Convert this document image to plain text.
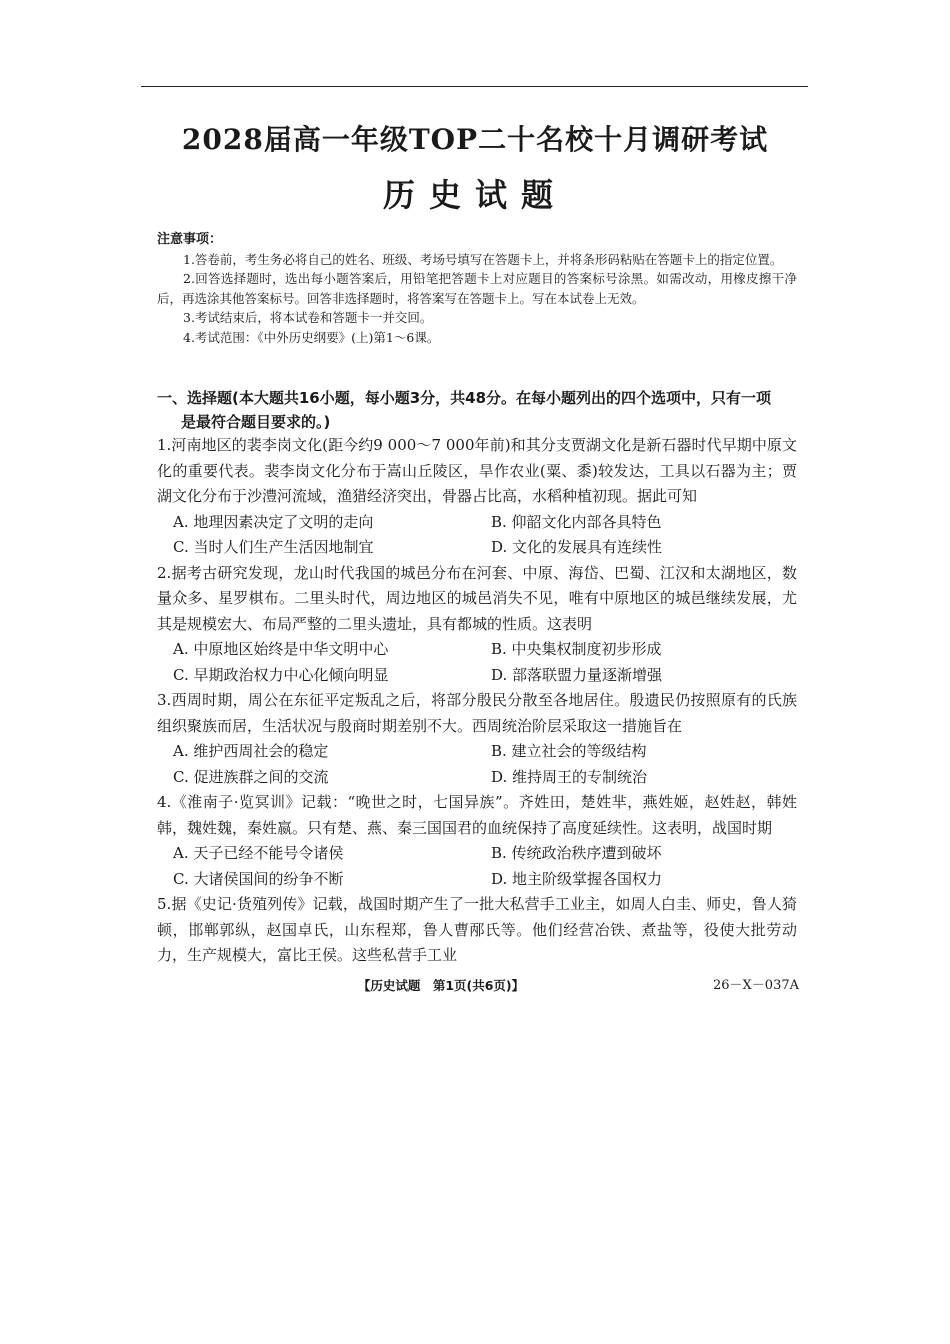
2028届高一年级TOP二十名校十月调研考试
历史试题
注意事项：
1.答卷前，考生务必将自己的姓名、班级、考场号填写在答题卡上，并将条形码粘贴在答题卡上的指定位置。
2.回答选择题时，选出每小题答案后，用铅笔把答题卡上对应题目的答案标号涂黑。如需改动，用橡皮擦干净后，再选涂其他答案标号。回答非选择题时，将答案写在答题卡上。写在本试卷上无效。
3.考试结束后，将本试卷和答题卡一并交回。
4.考试范围：《中外历史纲要》(上)第1～6课。
一、选择题(本大题共16小题，每小题3分，共48分。在每小题列出的四个选项中，只有一项
是最符合题目要求的。)
1.河南地区的裴李岗文化(距今约9 000～7 000年前)和其分支贾湖文化是新石器时代早期中原文化的重要代表。裴李岗文化分布于嵩山丘陵区，旱作农业(粟、黍)较发达，工具以石器为主；贾湖文化分布于沙澧河流域，渔猎经济突出，骨器占比高，水稻种植初现。据此可知
A. 地理因素决定了文明的走向	B. 仰韶文化内部各具特色
C. 当时人们生产生活因地制宜	D. 文化的发展具有连续性
2.据考古研究发现，龙山时代我国的城邑分布在河套、中原、海岱、巴蜀、江汉和太湖地区，数量众多、星罗棋布。二里头时代，周边地区的城邑消失不见，唯有中原地区的城邑继续发展，尤其是规模宏大、布局严整的二里头遗址，具有都城的性质。这表明
A. 中原地区始终是中华文明中心	B. 中央集权制度初步形成
C. 早期政治权力中心化倾向明显	D. 部落联盟力量逐渐增强
3.西周时期，周公在东征平定叛乱之后，将部分殷民分散至各地居住。殷遗民仍按照原有的氏族组织聚族而居，生活状况与殷商时期差别不大。西周统治阶层采取这一措施旨在
A. 维护西周社会的稳定	B. 建立社会的等级结构
C. 促进族群之间的交流	D. 维持周王的专制统治
4.《淮南子·览冥训》记载：“晚世之时，七国异族”。齐姓田，楚姓芈，燕姓姬，赵姓赵，韩姓韩，魏姓魏，秦姓嬴。只有楚、燕、秦三国国君的血统保持了高度延续性。这表明，战国时期
A. 天子已经不能号令诸侯	B. 传统政治秩序遭到破坏
C. 大诸侯国间的纷争不断	D. 地主阶级掌握各国权力
5.据《史记·货殖列传》记载，战国时期产生了一批大私营手工业主，如周人白圭、师史，鲁人猗顿，邯郸郭纵，赵国卓氏，山东程郑，鲁人曹邴氏等。他们经营冶铁、煮盐等，役使大批劳动力，生产规模大，富比王侯。这些私营手工业
【历史试题　第1页(共6页)】	26－X－037A
